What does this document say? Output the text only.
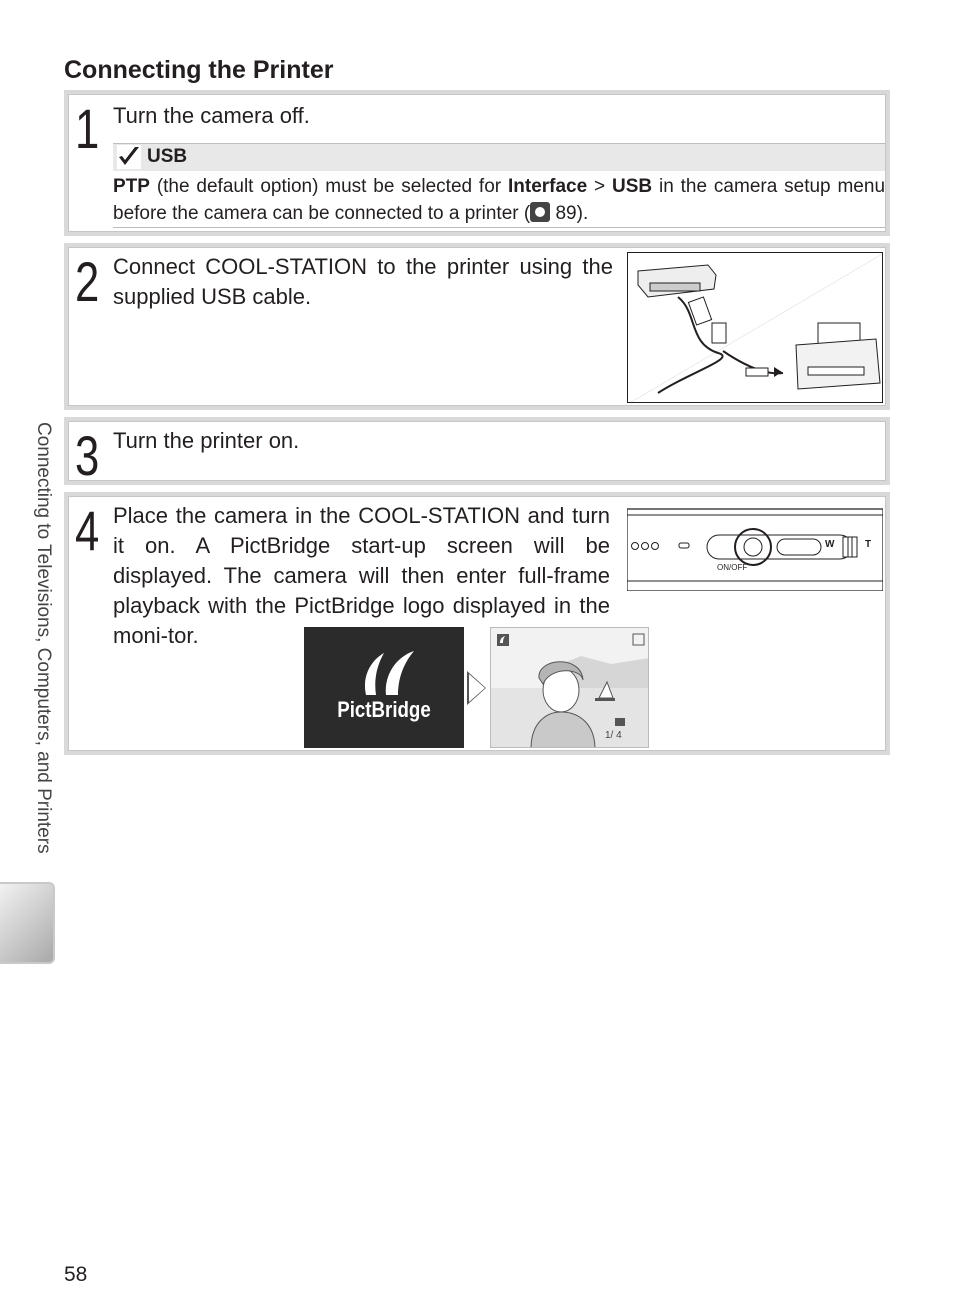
Connecting the Printer
1 Turn the camera off.
USB
PTP (the default option) must be selected for Interface > USB in the camera setup menu before the camera can be connected to a printer ( 89).
2 Connect COOL-STATION to the printer using the supplied USB cable.
3 Turn the printer on.
4 Place the camera in the COOL-STATION and turn it on. A PictBridge start-up screen will be displayed. The camera will then enter full-frame playback with the PictBridge logo displayed in the moni-tor.
W	T
ON/OFF
PictBridge
1/ 4
Connecting to Televisions, Computers, and Printers
58
